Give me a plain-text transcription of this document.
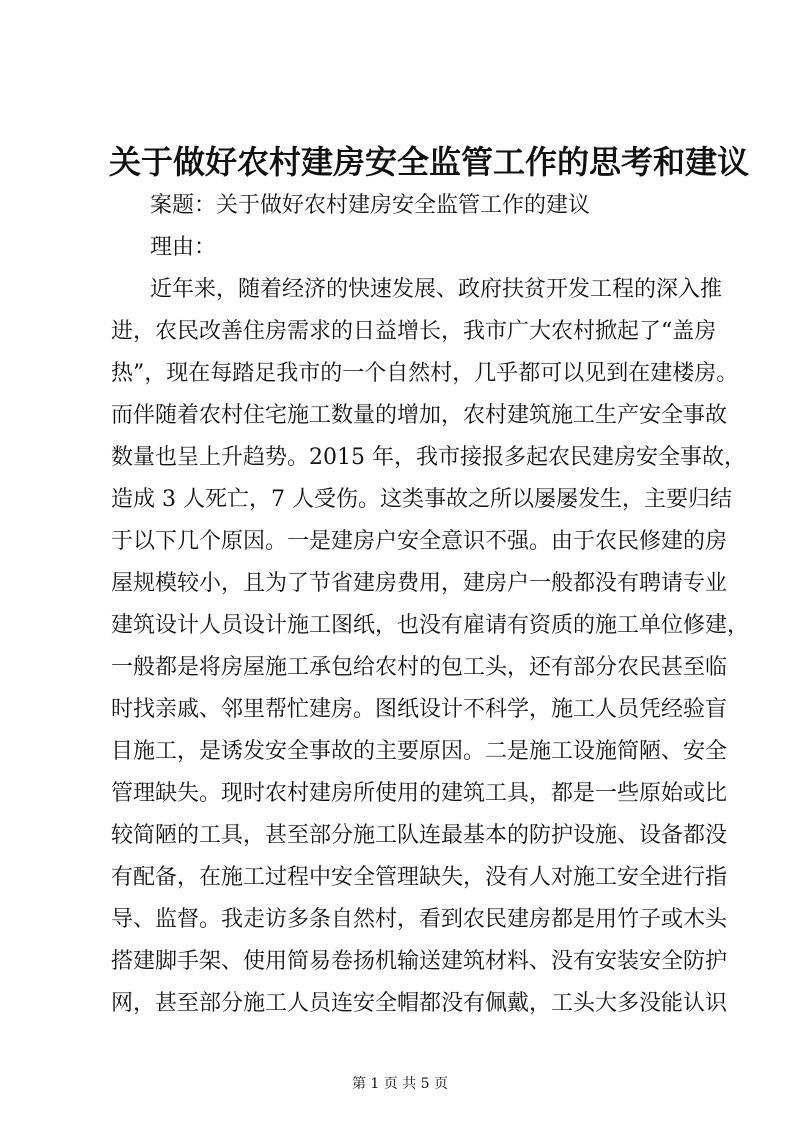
关于做好农村建房安全监管工作的思考和建议
案题：关于做好农村建房安全监管工作的建议
理由：
近年来，随着经济的快速发展、政府扶贫开发工程的深入推
进，农民改善住房需求的日益增长，我市广大农村掀起了“盖房
热”，现在每踏足我市的一个自然村，几乎都可以见到在建楼房。
而伴随着农村住宅施工数量的增加，农村建筑施工生产安全事故
数量也呈上升趋势。2015 年，我市接报多起农民建房安全事故，
造成 3 人死亡，7 人受伤。这类事故之所以屡屡发生，主要归结
于以下几个原因。一是建房户安全意识不强。由于农民修建的房
屋规模较小，且为了节省建房费用，建房户一般都没有聘请专业
建筑设计人员设计施工图纸，也没有雇请有资质的施工单位修建，
一般都是将房屋施工承包给农村的包工头，还有部分农民甚至临
时找亲戚、邻里帮忙建房。图纸设计不科学，施工人员凭经验盲
目施工，是诱发安全事故的主要原因。二是施工设施简陋、安全
管理缺失。现时农村建房所使用的建筑工具，都是一些原始或比
较简陋的工具，甚至部分施工队连最基本的防护设施、设备都没
有配备，在施工过程中安全管理缺失，没有人对施工安全进行指
导、监督。我走访多条自然村，看到农民建房都是用竹子或木头
搭建脚手架、使用简易卷扬机输送建筑材料、没有安装安全防护
网，甚至部分施工人员连安全帽都没有佩戴，工头大多没能认识
第 1 页 共 5 页
